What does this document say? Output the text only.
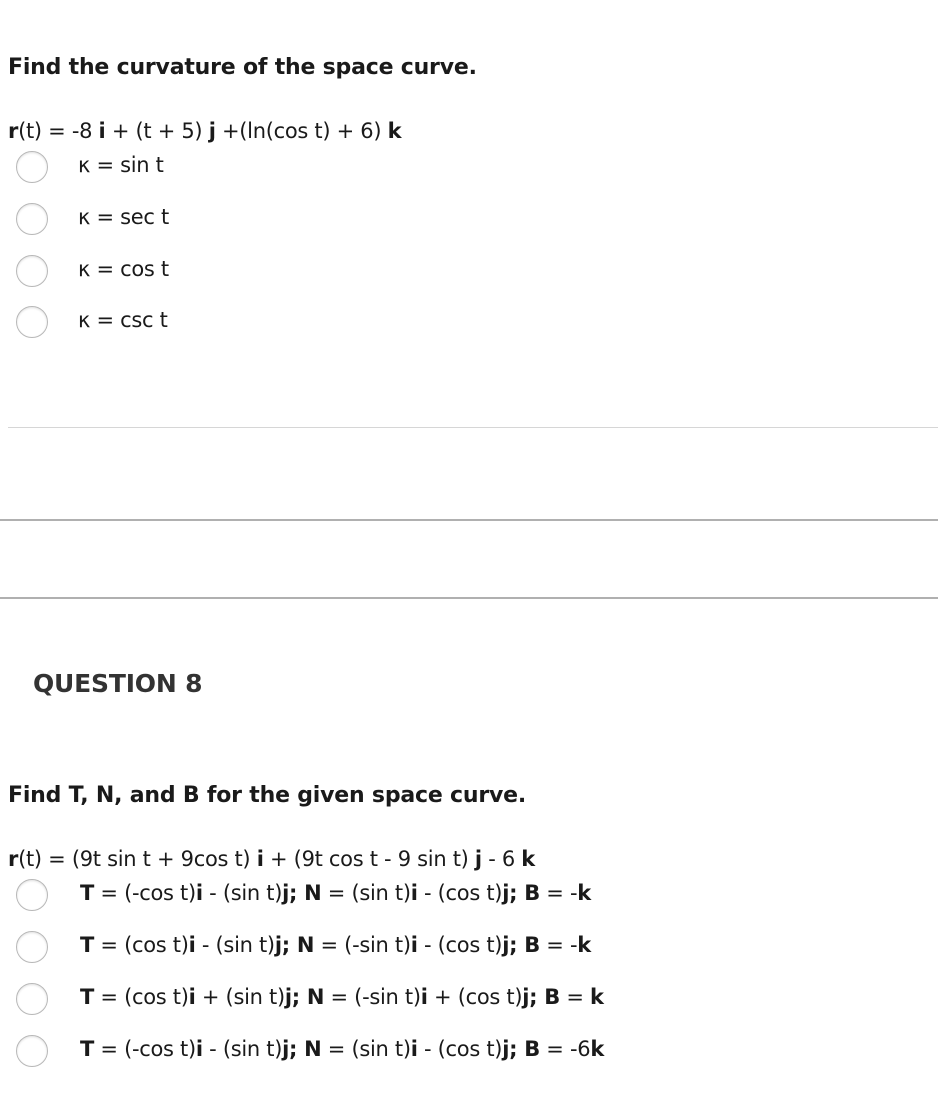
Find the curvature of the space curve.
r(t) = -8 i + (t + 5) j +(ln(cos t) + 6) k
κ = sin t
κ = sec t
κ = cos t
κ = csc t
QUESTION 8
Find T, N, and B for the given space curve.
r(t) = (9t sin t + 9cos t) i + (9t cos t - 9 sin t) j - 6 k
T = (-cos t)i - (sin t)j; N = (sin t)i - (cos t)j; B = -k
T = (cos t)i - (sin t)j; N = (-sin t)i - (cos t)j; B = -k
T = (cos t)i + (sin t)j; N = (-sin t)i + (cos t)j; B = k
T = (-cos t)i - (sin t)j; N = (sin t)i - (cos t)j; B = -6k
